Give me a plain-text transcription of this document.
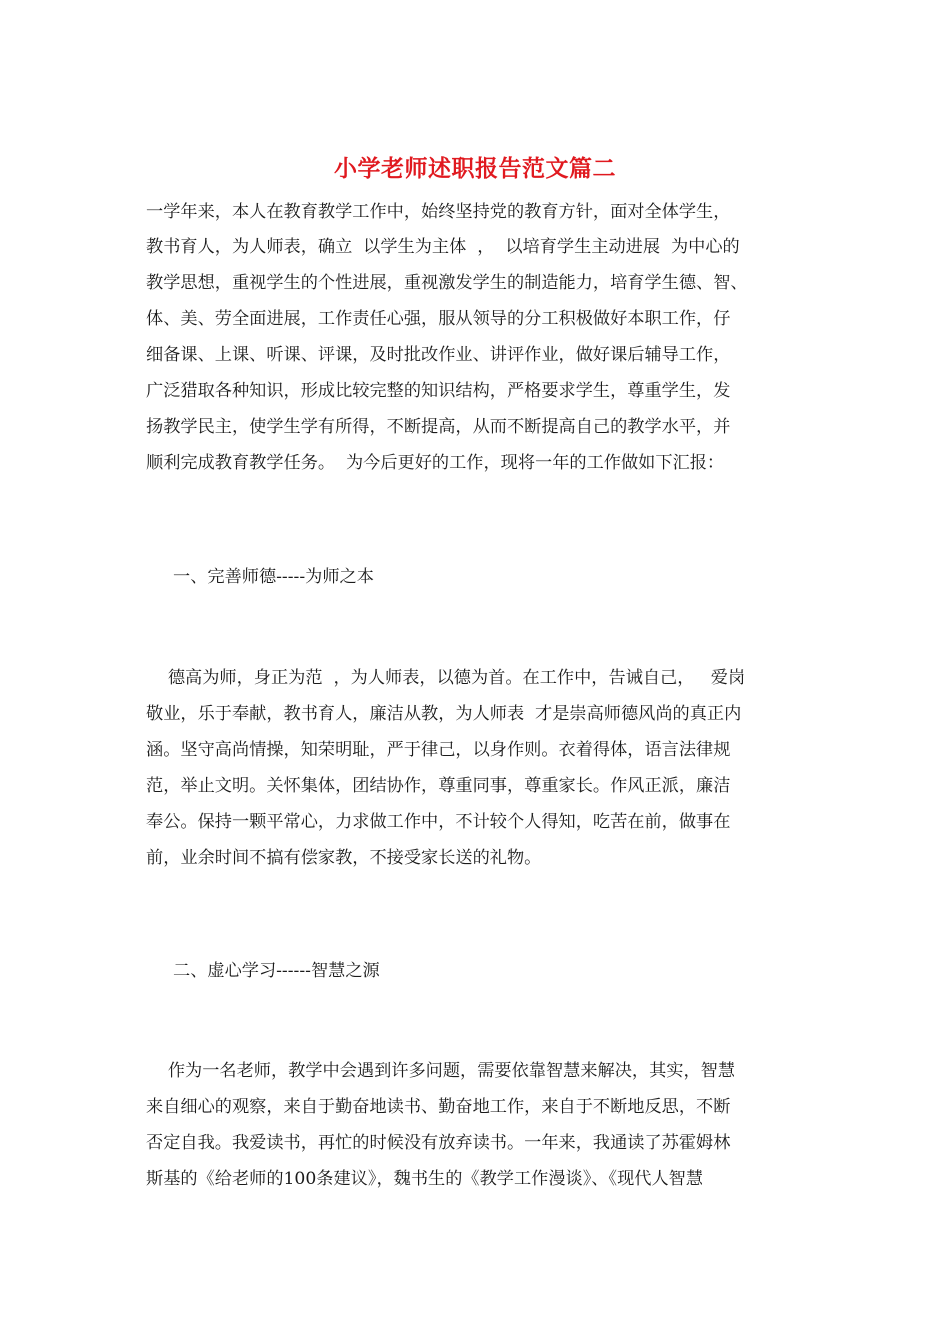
小学老师述职报告范文篇二
一学年来，本人在教育教学工作中，始终坚持党的教育方针，面对全体学生，
教书育人，为人师表，确立  以学生为主体  ，  以培育学生主动进展  为中心的
教学思想，重视学生的个性进展，重视激发学生的制造能力，培育学生德、智、
体、美、劳全面进展，工作责任心强，服从领导的分工积极做好本职工作，仔
细备课、上课、听课、评课，及时批改作业、讲评作业，做好课后辅导工作，
广泛猎取各种知识，形成比较完整的知识结构，严格要求学生，尊重学生，发
扬教学民主，使学生学有所得，不断提高，从而不断提高自己的教学水平，并
顺利完成教育教学任务。  为今后更好的工作，现将一年的工作做如下汇报：
一、完善师德-----为师之本
德高为师，身正为范  ，为人师表，以德为首。在工作中，告诫自己，   爱岗
敬业，乐于奉献，教书育人，廉洁从教，为人师表  才是崇高师德风尚的真正内
涵。坚守高尚情操，知荣明耻，严于律己，以身作则。衣着得体，语言法律规
范，举止文明。关怀集体，团结协作，尊重同事，尊重家长。作风正派，廉洁
奉公。保持一颗平常心，力求做工作中，不计较个人得知，吃苦在前，做事在
前，业余时间不搞有偿家教，不接受家长送的礼物。
二、虚心学习------智慧之源
作为一名老师，教学中会遇到许多问题，需要依靠智慧来解决，其实，智慧
来自细心的观察，来自于勤奋地读书、勤奋地工作，来自于不断地反思，不断
否定自我。我爱读书，再忙的时候没有放弃读书。一年来，我通读了苏霍姆林
斯基的《给老师的100条建议》，魏书生的《教学工作漫谈》、《现代人智慧
